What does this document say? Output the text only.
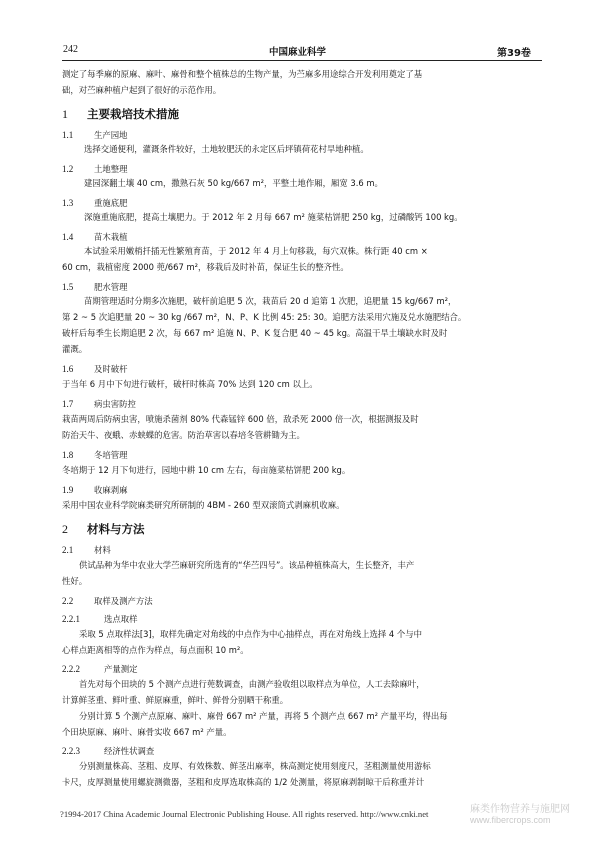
242	中国麻业科学	第39卷
测定了每季麻的原麻、麻叶、麻骨和整个植株总的生物产量，为苎麻多用途综合开发利用奠定了基
础，对苎麻种植户起到了很好的示范作用。
1 主要栽培技术措施
1.1 生产园地
选择交通便利，灌溉条件较好，土地较肥沃的永定区后坪镇荷花村旱地种植。
1.2 土地整理
建园深翻土壤 40 cm，撒熟石灰 50 kg/667 m²，平整土地作厢，厢宽 3.6 m。
1.3 重施底肥
深施重施底肥，提高土壤肥力。于 2012 年 2 月每 667 m² 施菜枯饼肥 250 kg，过磷酸钙 100 kg。
1.4 苗木栽植
本试验采用嫩梢扦插无性繁殖育苗，于 2012 年 4 月上旬移栽，每穴双株。株行距 40 cm ×
60 cm，栽植密度 2000 蔸/667 m²，移栽后及时补苗，保证生长的整齐性。
1.5 肥水管理
苗期管理适时分期多次施肥，破杆前追肥 5 次，栽苗后 20 d 追第 1 次肥，追肥量 15 kg/667 m²，
第 2 ~ 5 次追肥量 20 ~ 30 kg /667 m²，N、P、K 比例 45: 25: 30。追肥方法采用穴施及兑水施肥结合。
破杆后每季生长期追肥 2 次，每 667 m² 追施 N、P、K 复合肥 40 ~ 45 kg。高温干旱土壤缺水时及时
灌溉。
1.6 及时破杆
于当年 6 月中下旬进行破杆，破杆时株高 70% 达到 120 cm 以上。
1.7 病虫害防控
栽苗两周后防病虫害，喷施杀菌剂 80% 代森锰锌 600 倍，敌杀死 2000 倍一次，根据测报及时
防治天牛、夜蛾、赤蛱蝶的危害。防治草害以春培冬管耕锄为主。
1.8 冬培管理
冬培期于 12 月下旬进行，园地中耕 10 cm 左右，每亩施菜枯饼肥 200 kg。
1.9 收麻剥麻
采用中国农业科学院麻类研究所研制的 4BM - 260 型双滚筒式剥麻机收麻。
2 材料与方法
2.1 材料
供试品种为华中农业大学苎麻研究所选育的“华苎四号”。该品种植株高大，生长整齐，丰产
性好。
2.2 取样及测产方法
2.2.1	选点取样
采取 5 点取样法[3]，取样先确定对角线的中点作为中心抽样点，再在对角线上选择 4 个与中
心样点距离相等的点作为样点，每点面积 10 m²。
2.2.2	产量测定
首先对每个田块的 5 个测产点进行蔸数调查，由测产验收组以取样点为单位，人工去除麻叶，
计算鲜茎重、鲜叶重、鲜原麻重，鲜叶、鲜骨分别晒干称重。
分别计算 5 个测产点原麻、麻叶、麻骨 667 m² 产量，再将 5 个测产点 667 m² 产量平均，得出每
个田块原麻、麻叶、麻骨实收 667 m² 产量。
2.2.3	经济性状调查
分别测量株高、茎粗、皮厚、有效株数、鲜茎出麻率，株高测定使用刻度尺，茎粗测量使用游标
卡尺，皮厚测量使用螺旋测微器，茎粗和皮厚选取株高的 1/2 处测量，将原麻剥制晾干后称重并计
?1994-2017 China Academic Journal Electronic Publishing House. All rights reserved. http://www.cnki.net	麻类作物营养与施肥网
www.fibercrops.com
